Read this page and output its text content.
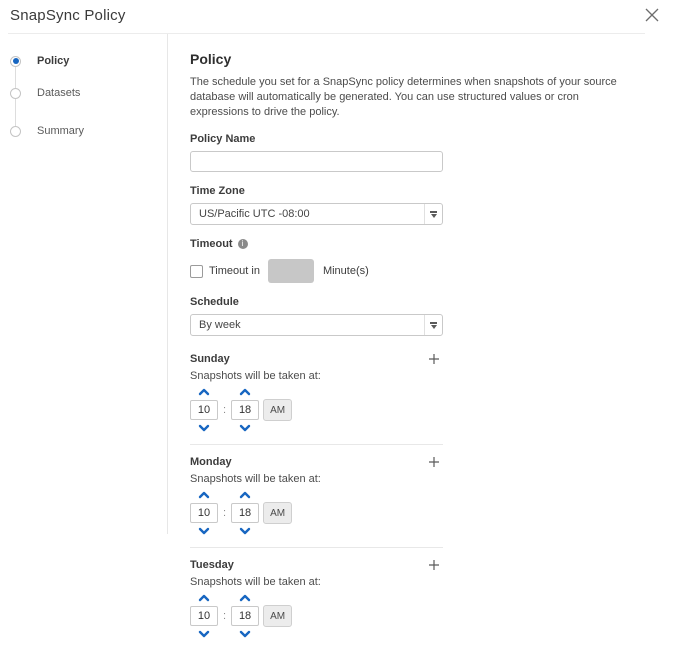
SnapSync Policy
Policy
Datasets
Summary
Policy
The schedule you set for a SnapSync policy determines when snapshots of your source database will automatically be generated. You can use structured values or cron expressions to drive the policy.
Policy Name
Time Zone
US/Pacific UTC -08:00
Timeout	i
Timeout in	Minute(s)
Schedule
By week
Sunday
Snapshots will be taken at:
10
:
18	AM
Monday
Snapshots will be taken at:
10
:
18	AM
Tuesday
Snapshots will be taken at:
10
:
18	AM
